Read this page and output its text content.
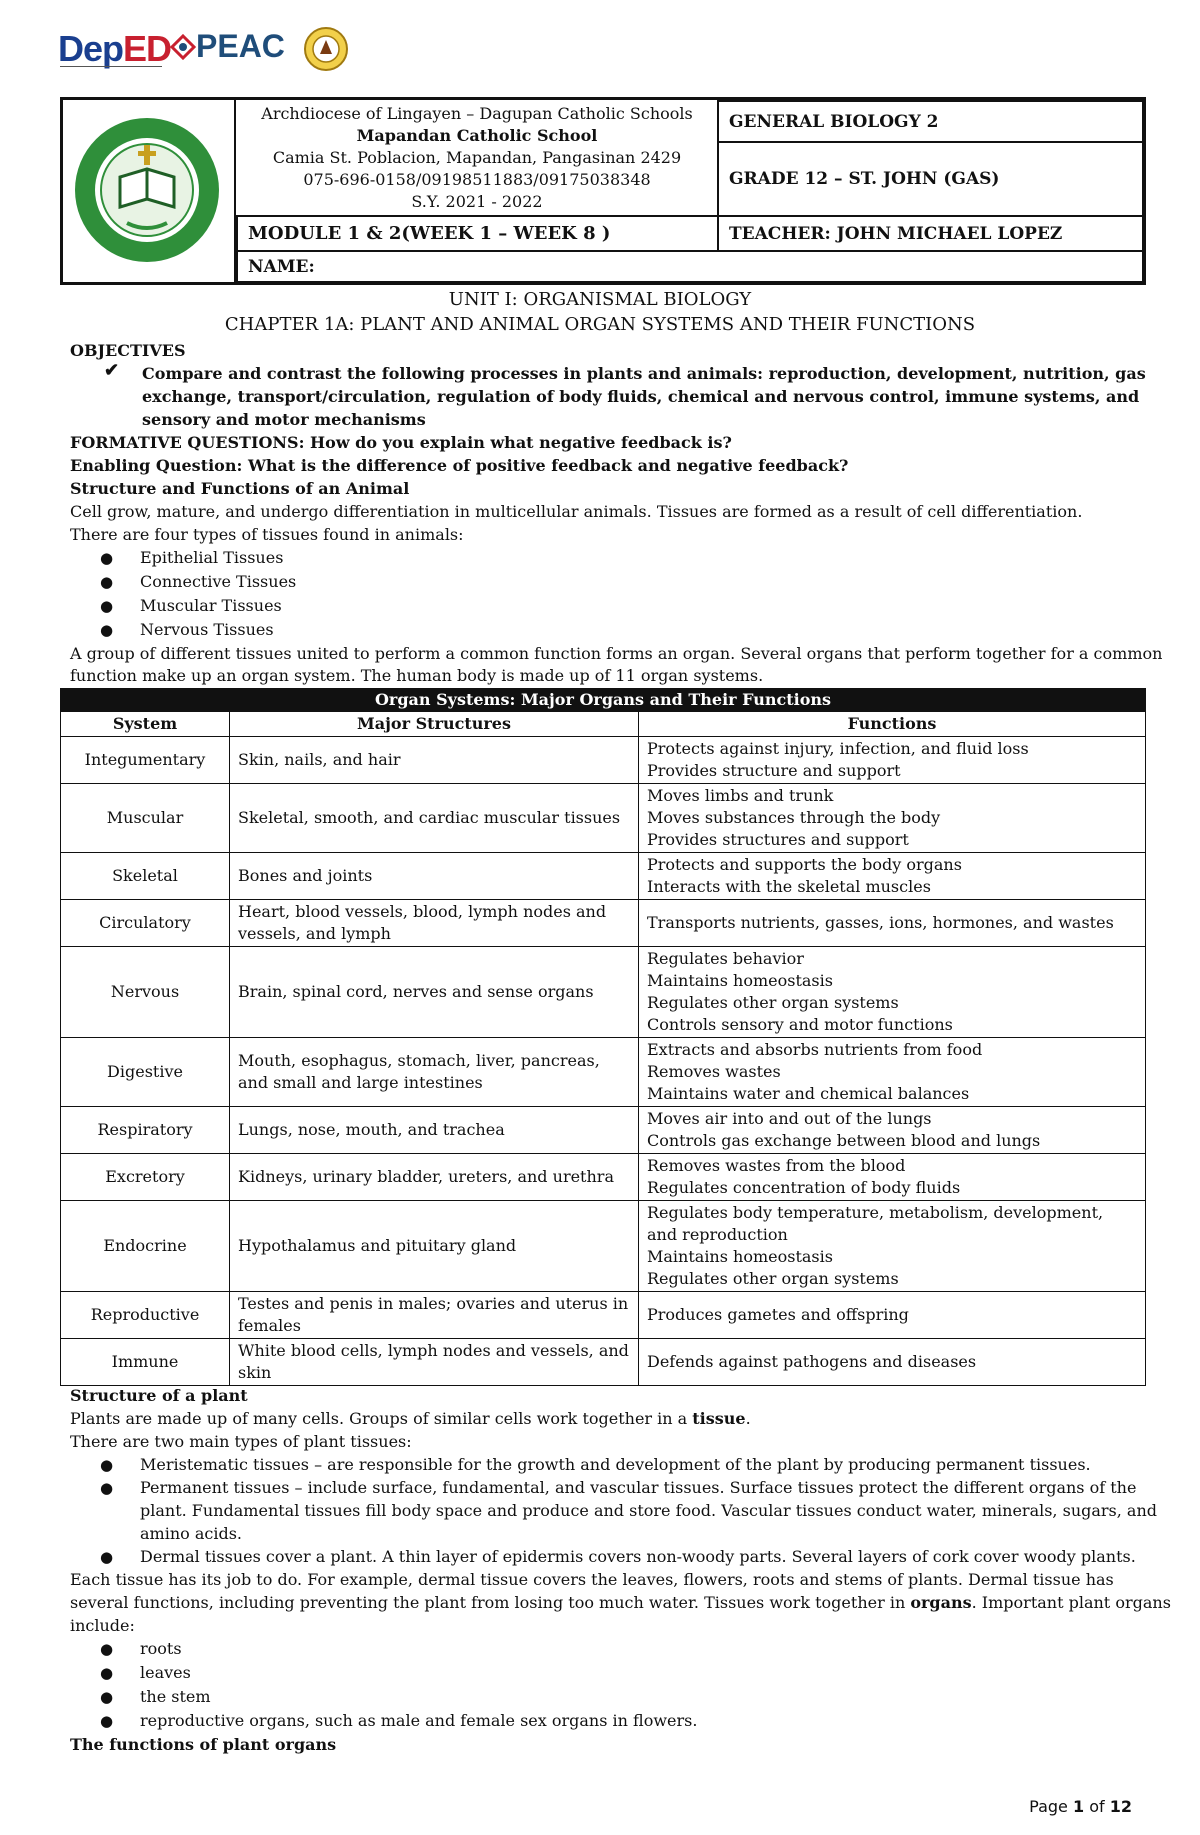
DepED PEAC
Archdiocese of Lingayen – Dagupan Catholic Schools
Mapandan Catholic School
Camia St. Poblacion, Mapandan, Pangasinan 2429
075-696-0158/09198511883/09175038348
S.Y. 2021 - 2022
GENERAL BIOLOGY 2
GRADE 12 – ST. JOHN (GAS)
MODULE 1 & 2(WEEK 1 – WEEK 8 )	TEACHER: JOHN MICHAEL LOPEZ
NAME:
UNIT I: ORGANISMAL BIOLOGY
CHAPTER 1A: PLANT AND ANIMAL ORGAN SYSTEMS AND THEIR FUNCTIONS
OBJECTIVES
✔ Compare and contrast the following processes in plants and animals: reproduction, development, nutrition, gas
exchange, transport/circulation, regulation of body fluids, chemical and nervous control, immune systems, and
sensory and motor mechanisms
FORMATIVE QUESTIONS: How do you explain what negative feedback is?
Enabling Question: What is the difference of positive feedback and negative feedback?
Structure and Functions of an Animal
Cell grow, mature, and undergo differentiation in multicellular animals. Tissues are formed as a result of cell differentiation.
There are four types of tissues found in animals:
● Epithelial Tissues
● Connective Tissues
● Muscular Tissues
● Nervous Tissues
A group of different tissues united to perform a common function forms an organ. Several organs that perform together for a common
function make up an organ system. The human body is made up of 11 organ systems.
Organ Systems: Major Organs and Their Functions		
System	Major Structures	Functions
Integumentary	Skin, nails, and hair	Protects against injury, infection, and fluid loss
Provides structure and support

Muscular	Skeletal, smooth, and cardiac muscular tissues	Moves limbs and trunk
Moves substances through the body
Provides structures and support

Skeletal	Bones and joints	Protects and supports the body organs
Interacts with the skeletal muscles

Circulatory	Heart, blood vessels, blood, lymph nodes and vessels, and lymph	Transports nutrients, gasses, ions, hormones, and wastes

Nervous	Brain, spinal cord, nerves and sense organs	Regulates behavior
Maintains homeostasis
Regulates other organ systems
Controls sensory and motor functions

Digestive	Mouth, esophagus, stomach, liver, pancreas, and small and large intestines	Extracts and absorbs nutrients from food
Removes wastes
Maintains water and chemical balances

Respiratory	Lungs, nose, mouth, and trachea	Moves air into and out of the lungs
Controls gas exchange between blood and lungs

Excretory	Kidneys, urinary bladder, ureters, and urethra	Removes wastes from the blood
Regulates concentration of body fluids

Endocrine	Hypothalamus and pituitary gland	Regulates body temperature, metabolism, development, and reproduction
Maintains homeostasis
Regulates other organ systems

Reproductive	Testes and penis in males; ovaries and uterus in females	Produces gametes and offspring

Immune	White blood cells, lymph nodes and vessels, and skin	Defends against pathogens and diseases
Structure of a plant
Plants are made up of many cells. Groups of similar cells work together in a tissue.
There are two main types of plant tissues:
● Meristematic tissues – are responsible for the growth and development of the plant by producing permanent tissues.
● Permanent tissues – include surface, fundamental, and vascular tissues. Surface tissues protect the different organs of the
plant. Fundamental tissues fill body space and produce and store food. Vascular tissues conduct water, minerals, sugars, and
amino acids.
● Dermal tissues cover a plant. A thin layer of epidermis covers non-woody parts. Several layers of cork cover woody plants.
Each tissue has its job to do. For example, dermal tissue covers the leaves, flowers, roots and stems of plants. Dermal tissue has
several functions, including preventing the plant from losing too much water. Tissues work together in organs. Important plant organs
include:
● roots
● leaves
● the stem
● reproductive organs, such as male and female sex organs in flowers.
The functions of plant organs
Page 1 of 12
